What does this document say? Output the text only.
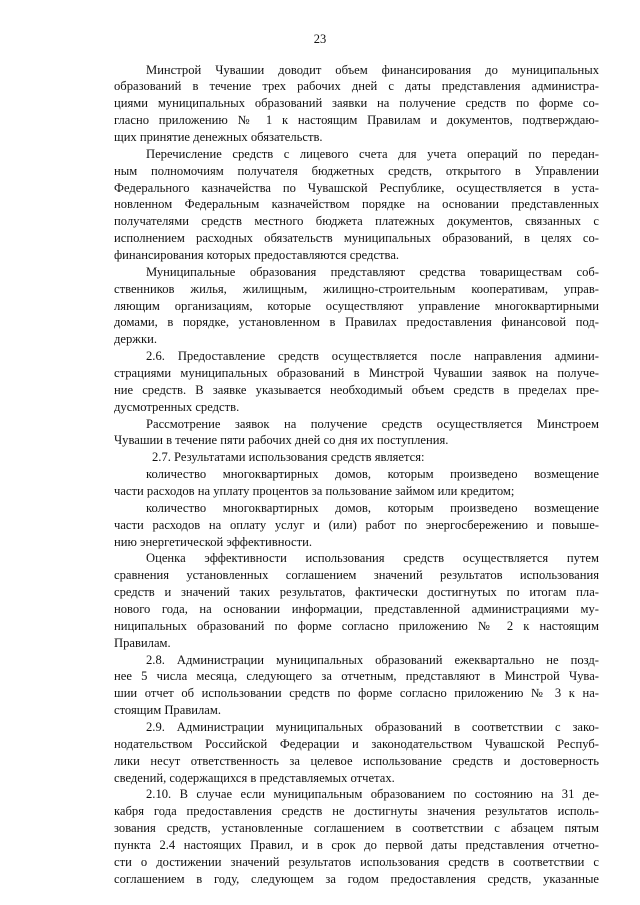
23
Минстрой Чувашии доводит объем финансирования до муниципальных
образований в течение трех рабочих дней с даты представления администра-
циями муниципальных образований заявки на получение средств по форме со-
гласно приложению № 1 к настоящим Правилам и документов, подтверждаю-
щих принятие денежных обязательств.
Перечисление средств с лицевого счета для учета операций по передан-
ным полномочиям получателя бюджетных средств, открытого в Управлении
Федерального казначейства по Чувашской Республике, осуществляется в уста-
новленном Федеральным казначейством порядке на основании представленных
получателями средств местного бюджета платежных документов, связанных с
исполнением расходных обязательств муниципальных образований, в целях со-
финансирования которых предоставляются средства.
Муниципальные образования представляют средства товариществам соб-
ственников жилья, жилищным, жилищно-строительным кооперативам, управ-
ляющим организациям, которые осуществляют управление многоквартирными
домами, в порядке, установленном в Правилах предоставления финансовой под-
держки.
2.6. Предоставление средств осуществляется после направления админи-
страциями муниципальных образований в Минстрой Чувашии заявок на получе-
ние средств. В заявке указывается необходимый объем средств в пределах пре-
дусмотренных средств.
Рассмотрение заявок на получение средств осуществляется Минстроем
Чувашии в течение пяти рабочих дней со дня их поступления.
2.7. Результатами использования средств является:
количество многоквартирных домов, которым произведено возмещение
части расходов на уплату процентов за пользование займом или кредитом;
количество многоквартирных домов, которым произведено возмещение
части расходов на оплату услуг и (или) работ по энергосбережению и повыше-
нию энергетической эффективности.
Оценка эффективности использования средств осуществляется путем
сравнения установленных соглашением значений результатов использования
средств и значений таких результатов, фактически достигнутых по итогам пла-
нового года, на основании информации, представленной администрациями му-
ниципальных образований по форме согласно приложению № 2 к настоящим
Правилам.
2.8. Администрации муниципальных образований ежеквартально не позд-
нее 5 числа месяца, следующего за отчетным, представляют в Минстрой Чува-
шии отчет об использовании средств по форме согласно приложению № 3 к на-
стоящим Правилам.
2.9. Администрации муниципальных образований в соответствии с зако-
нодательством Российской Федерации и законодательством Чувашской Респуб-
лики несут ответственность за целевое использование средств и достоверность
сведений, содержащихся в представляемых отчетах.
2.10. В случае если муниципальным образованием по состоянию на 31 де-
кабря года предоставления средств не достигнуты значения результатов исполь-
зования средств, установленные соглашением в соответствии с абзацем пятым
пункта 2.4 настоящих Правил, и в срок до первой даты представления отчетно-
сти о достижении значений результатов использования средств в соответствии с
соглашением в году, следующем за годом предоставления средств, указанные
